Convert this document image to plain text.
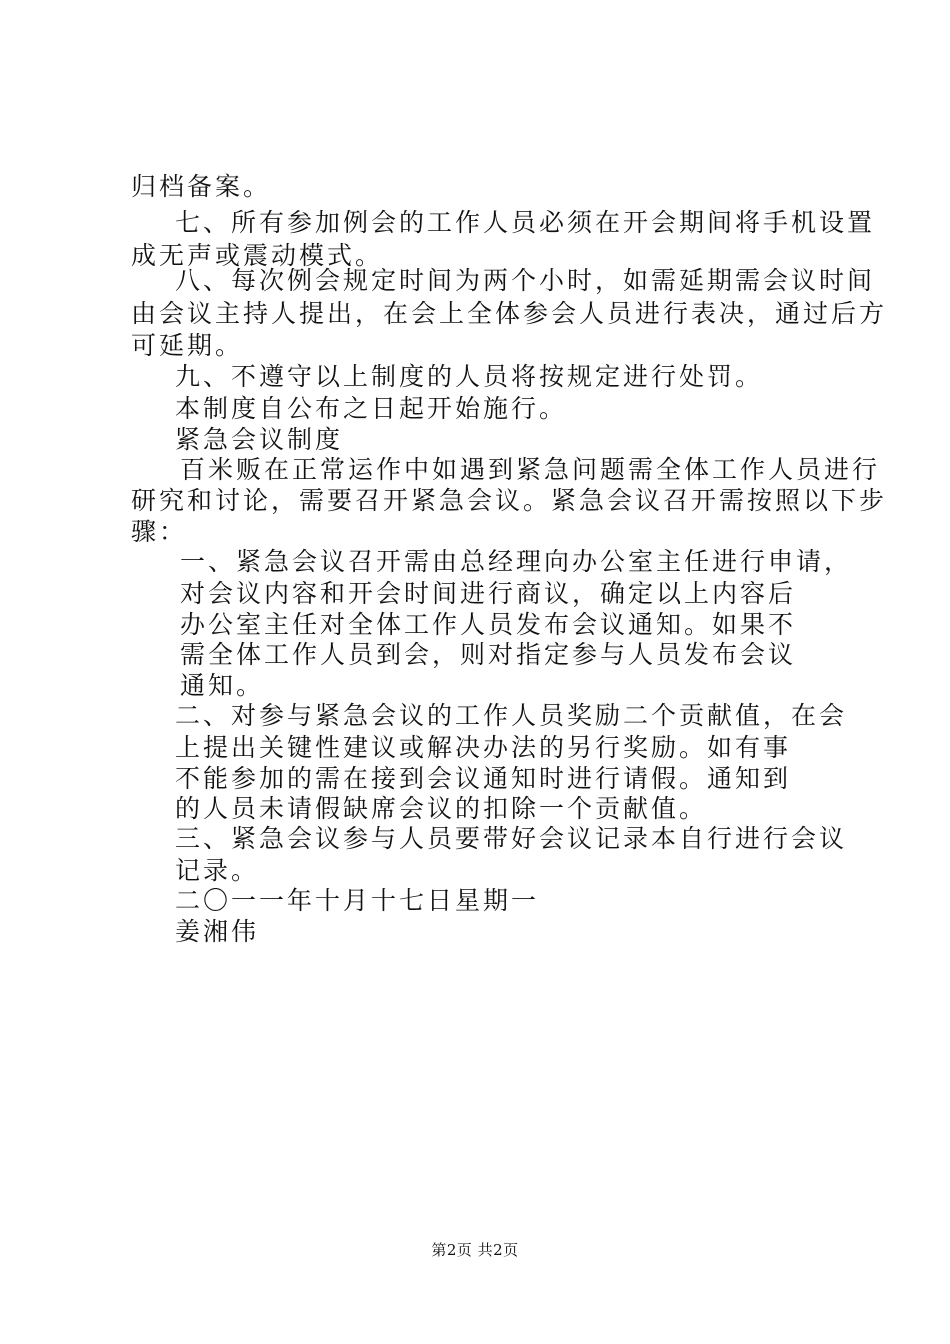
归档备案。
七、所有参加例会的工作人员必须在开会期间将手机设置
成无声或震动模式。
八、每次例会规定时间为两个小时，如需延期需会议时间
由会议主持人提出，在会上全体参会人员进行表决，通过后方
可延期。
九、不遵守以上制度的人员将按规定进行处罚。
本制度自公布之日起开始施行。
紧急会议制度
百米贩在正常运作中如遇到紧急问题需全体工作人员进行
研究和讨论，需要召开紧急会议。紧急会议召开需按照以下步
骤：
一、紧急会议召开需由总经理向办公室主任进行申请，
对会议内容和开会时间进行商议，确定以上内容后
办公室主任对全体工作人员发布会议通知。如果不
需全体工作人员到会，则对指定参与人员发布会议
通知。
二、对参与紧急会议的工作人员奖励二个贡献值，在会
上提出关键性建议或解决办法的另行奖励。如有事
不能参加的需在接到会议通知时进行请假。通知到
的人员未请假缺席会议的扣除一个贡献值。
三、紧急会议参与人员要带好会议记录本自行进行会议
记录。
二〇一一年十月十七日星期一
姜湘伟
第2页 共2页
